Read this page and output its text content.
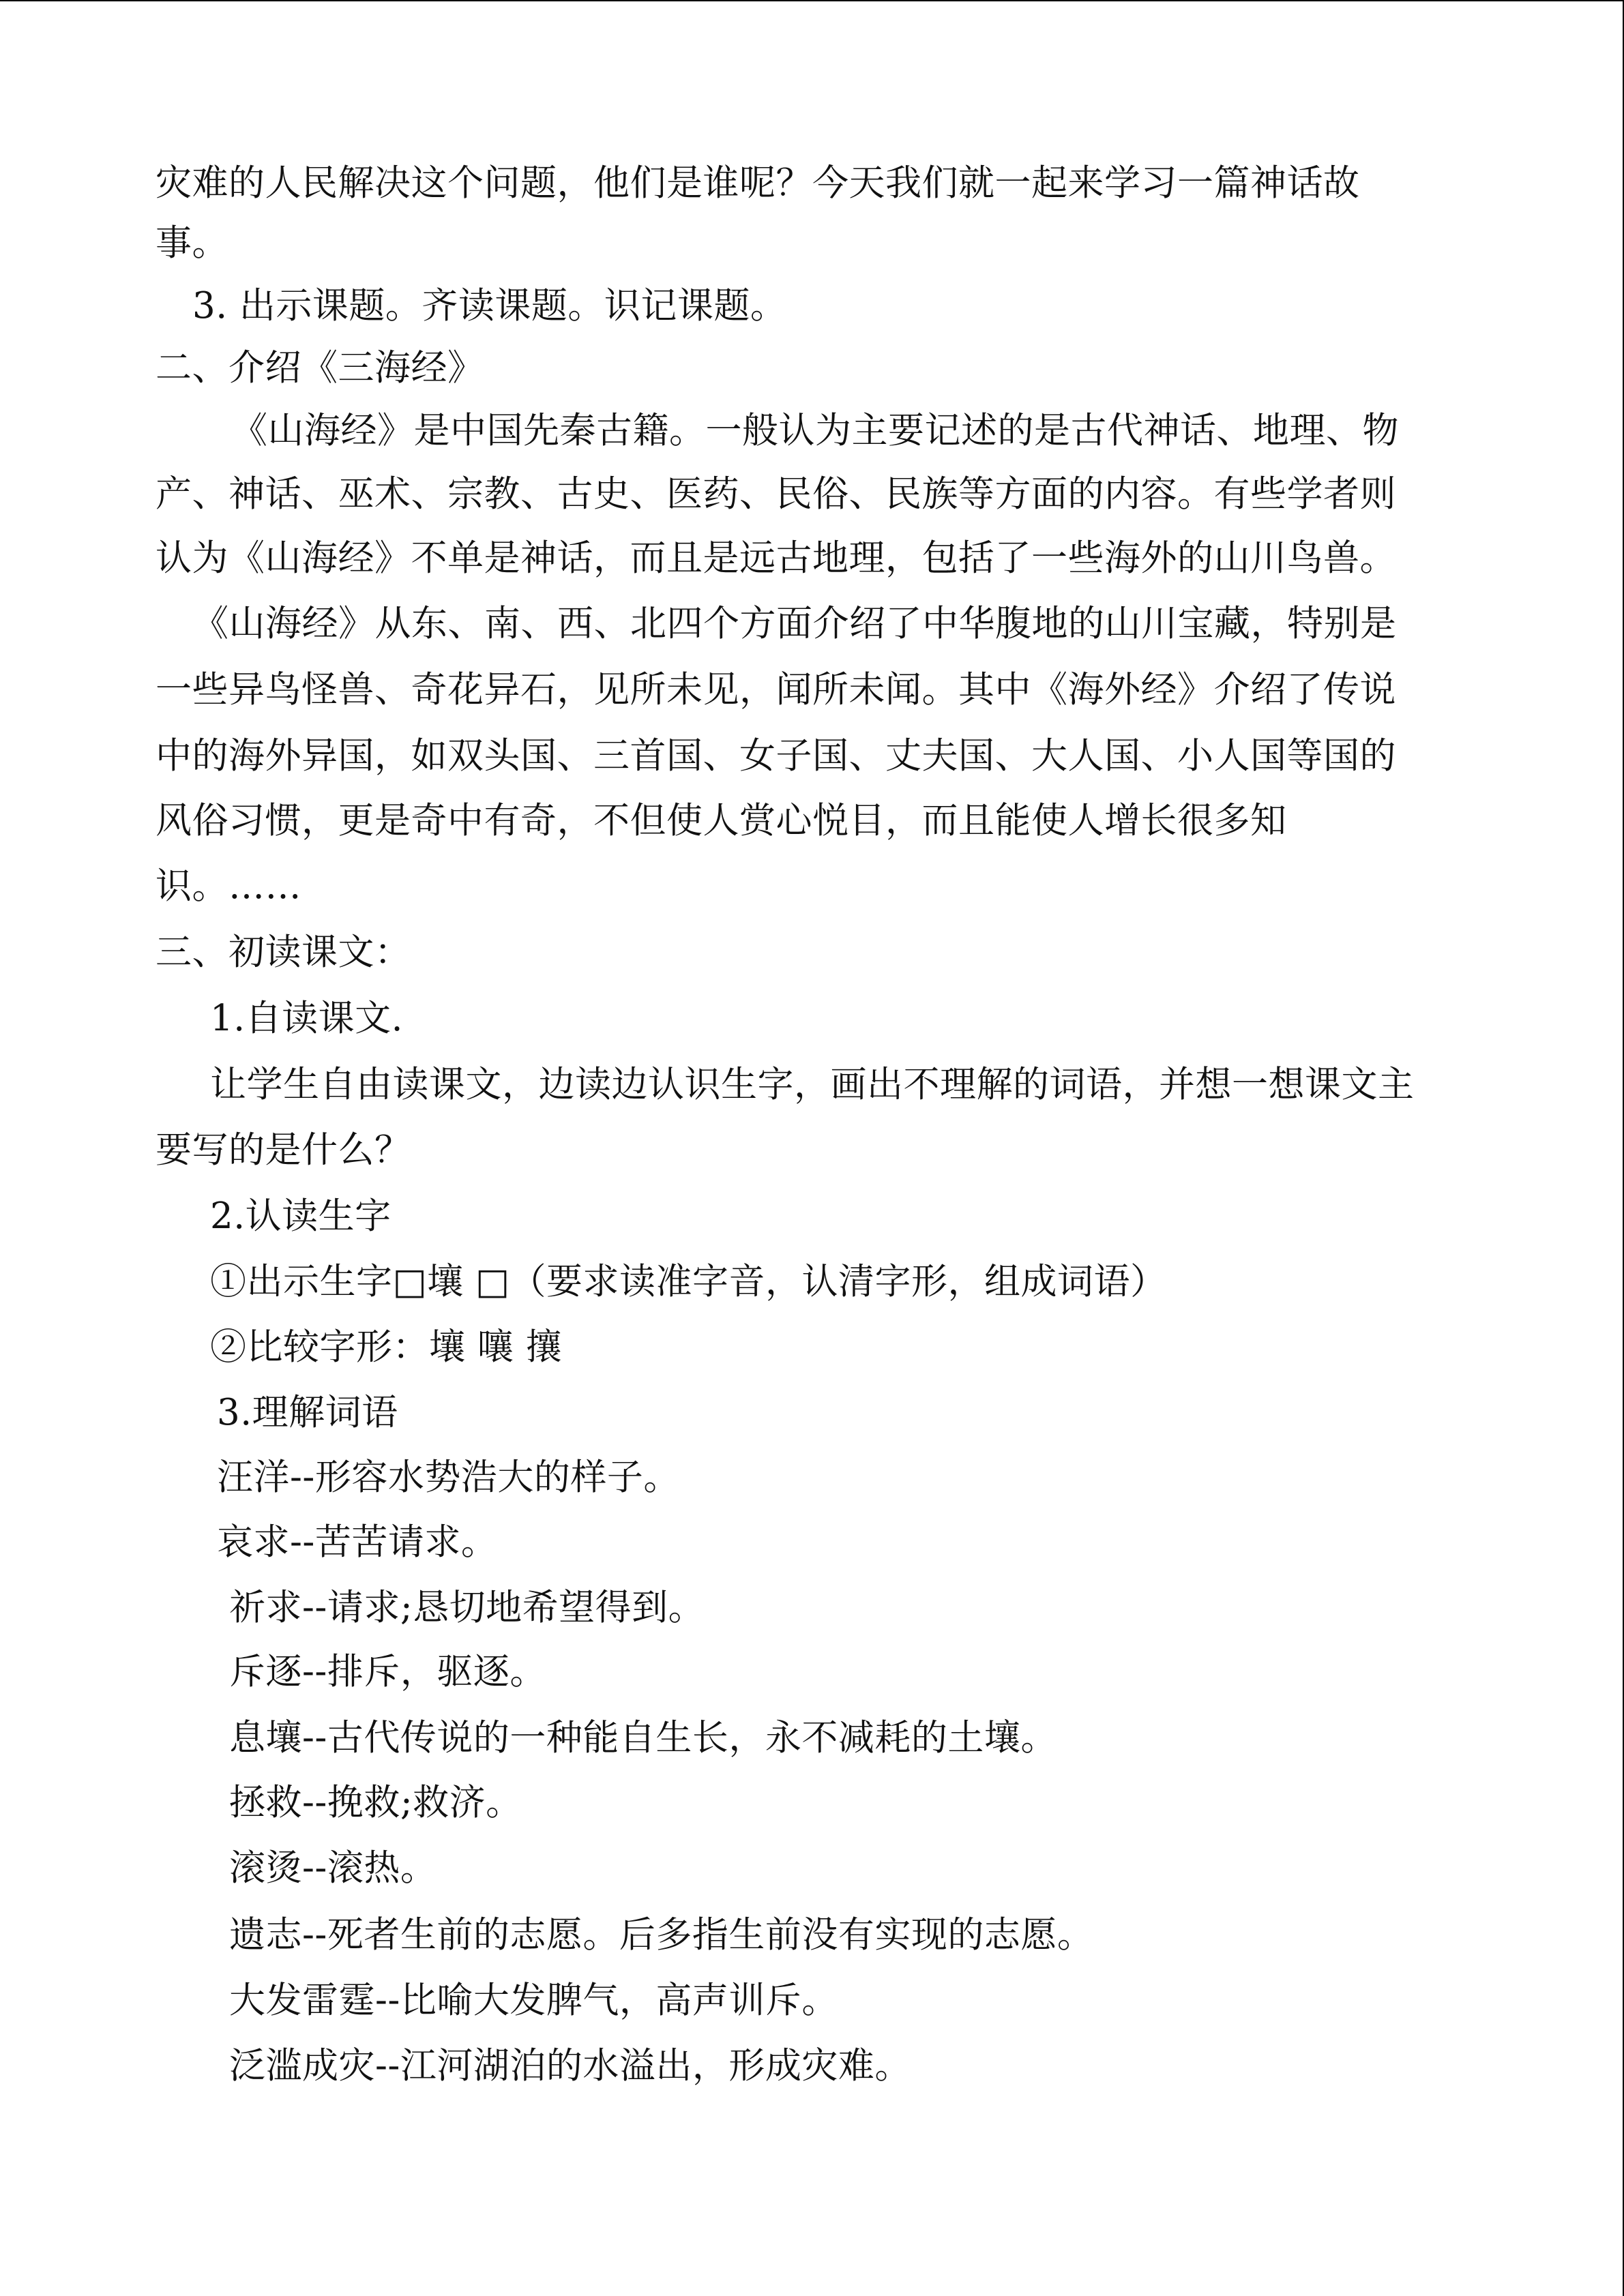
灾难的人民解决这个问题，他们是谁呢？今天我们就一起来学习一篇神话故
事。
3. 出示课题。齐读课题。识记课题。
二、介绍《三海经》
《山海经》是中国先秦古籍。一般认为主要记述的是古代神话、地理、物
产、神话、巫术、宗教、古史、医药、民俗、民族等方面的内容。有些学者则
认为《山海经》不单是神话，而且是远古地理，包括了一些海外的山川鸟兽。
《山海经》从东、南、西、北四个方面介绍了中华腹地的山川宝藏，特别是
一些异鸟怪兽、奇花异石，见所未见，闻所未闻。其中《海外经》介绍了传说
中的海外异国，如双头国、三首国、女子国、丈夫国、大人国、小人国等国的
风俗习惯，更是奇中有奇，不但使人赏心悦目，而且能使人增长很多知
识。……
三、初读课文：
1.自读课文.
让学生自由读课文，边读边认识生字，画出不理解的词语，并想一想课文主
要写的是什么？
2.认读生字
①出示生字□壤 □（要求读准字音，认清字形，组成词语）
②比较字形：壤 嚷 攘
3.理解词语
汪洋--形容水势浩大的样子。
哀求--苦苦请求。
祈求--请求;恳切地希望得到。
斥逐--排斥，驱逐。
息壤--古代传说的一种能自生长，永不减耗的土壤。
拯救--挽救;救济。
滚烫--滚热。
遗志--死者生前的志愿。后多指生前没有实现的志愿。
大发雷霆--比喻大发脾气，高声训斥。
泛滥成灾--江河湖泊的水溢出，形成灾难。
